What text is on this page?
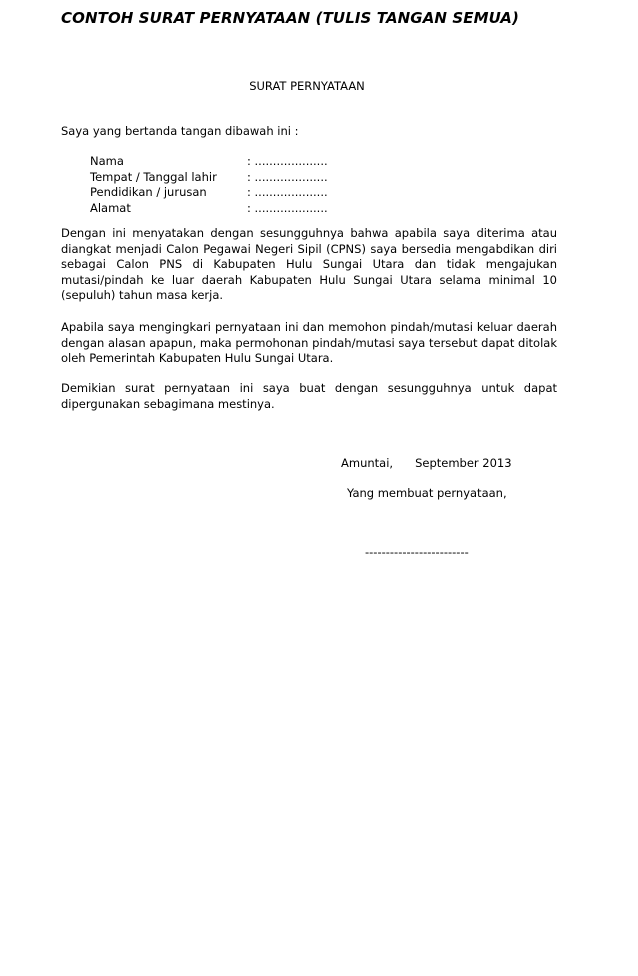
CONTOH SURAT PERNYATAAN (TULIS TANGAN SEMUA)
SURAT PERNYATAAN
Saya yang bertanda tangan dibawah ini :
Nama	: ....................
Tempat / Tanggal lahir	: ....................
Pendidikan / jurusan	: ....................
Alamat	: ....................
Dengan ini menyatakan dengan sesungguhnya bahwa apabila saya diterima atau diangkat menjadi Calon Pegawai Negeri Sipil (CPNS) saya bersedia mengabdikan diri sebagai Calon PNS di Kabupaten Hulu Sungai Utara dan tidak mengajukan mutasi/pindah ke luar daerah Kabupaten Hulu Sungai Utara selama minimal 10 (sepuluh) tahun masa kerja.
Apabila saya mengingkari pernyataan ini dan memohon pindah/mutasi keluar daerah dengan alasan apapun, maka permohonan pindah/mutasi saya tersebut dapat ditolak oleh Pemerintah Kabupaten Hulu Sungai Utara.
Demikian surat pernyataan ini saya buat dengan sesungguhnya untuk dapat dipergunakan sebagimana mestinya.
Amuntai, September 2013
Yang membuat pernyataan,
-------------------------
